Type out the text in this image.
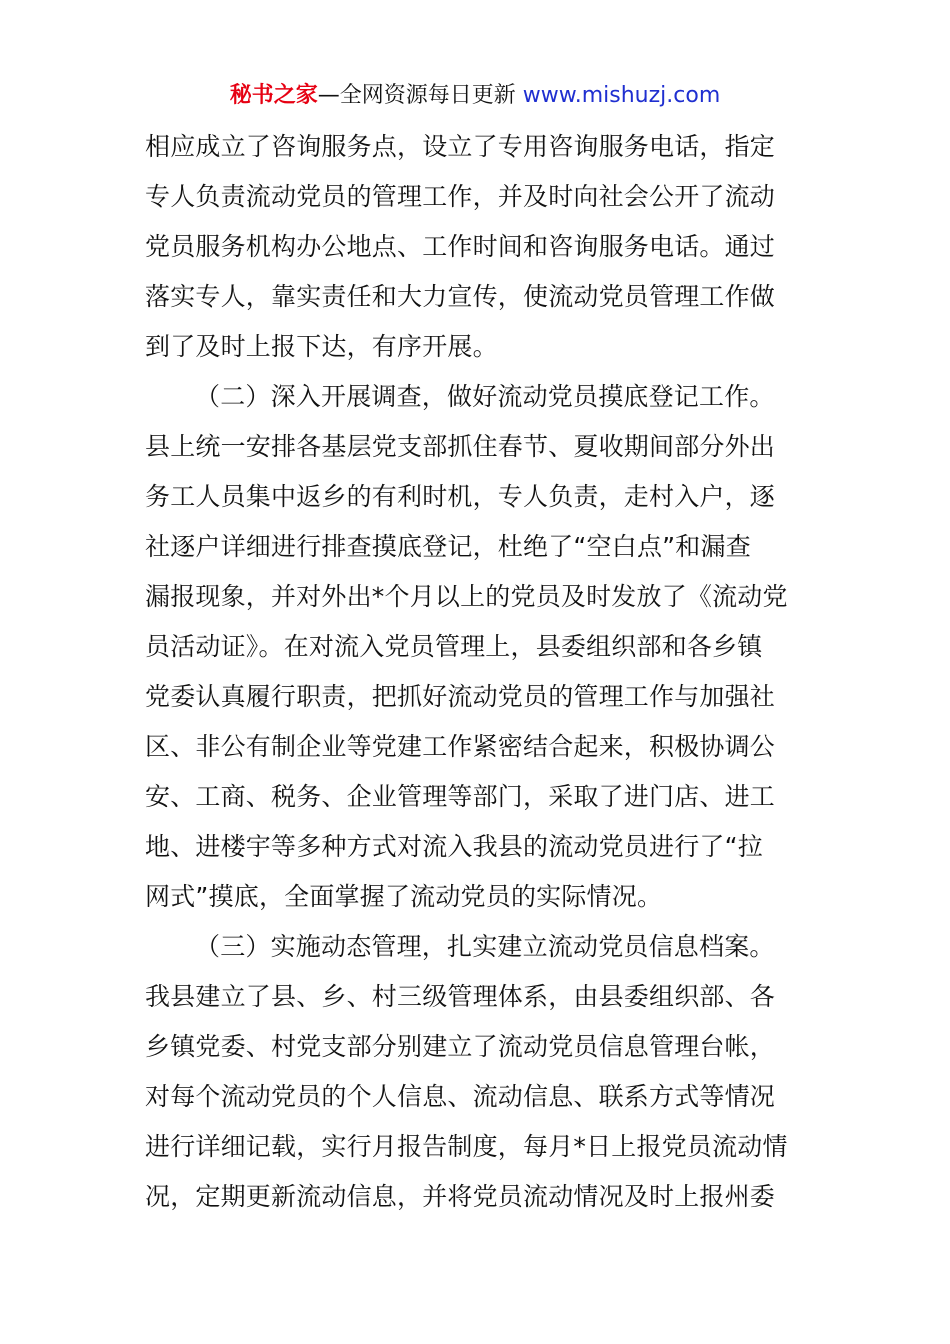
秘书之家—全网资源每日更新 www.mishuzj.com
相应成立了咨询服务点，设立了专用咨询服务电话，指定
专人负责流动党员的管理工作，并及时向社会公开了流动
党员服务机构办公地点、工作时间和咨询服务电话。通过
落实专人，靠实责任和大力宣传，使流动党员管理工作做
到了及时上报下达，有序开展。
（二）深入开展调查，做好流动党员摸底登记工作。
县上统一安排各基层党支部抓住春节、夏收期间部分外出
务工人员集中返乡的有利时机，专人负责，走村入户，逐
社逐户详细进行排查摸底登记，杜绝了“空白点”和漏查
漏报现象，并对外出*个月以上的党员及时发放了《流动党
员活动证》。在对流入党员管理上，县委组织部和各乡镇
党委认真履行职责，把抓好流动党员的管理工作与加强社
区、非公有制企业等党建工作紧密结合起来，积极协调公
安、工商、税务、企业管理等部门，采取了进门店、进工
地、进楼宇等多种方式对流入我县的流动党员进行了“拉
网式”摸底，全面掌握了流动党员的实际情况。
（三）实施动态管理，扎实建立流动党员信息档案。
我县建立了县、乡、村三级管理体系，由县委组织部、各
乡镇党委、村党支部分别建立了流动党员信息管理台帐，
对每个流动党员的个人信息、流动信息、联系方式等情况
进行详细记载，实行月报告制度，每月*日上报党员流动情
况，定期更新流动信息，并将党员流动情况及时上报州委
